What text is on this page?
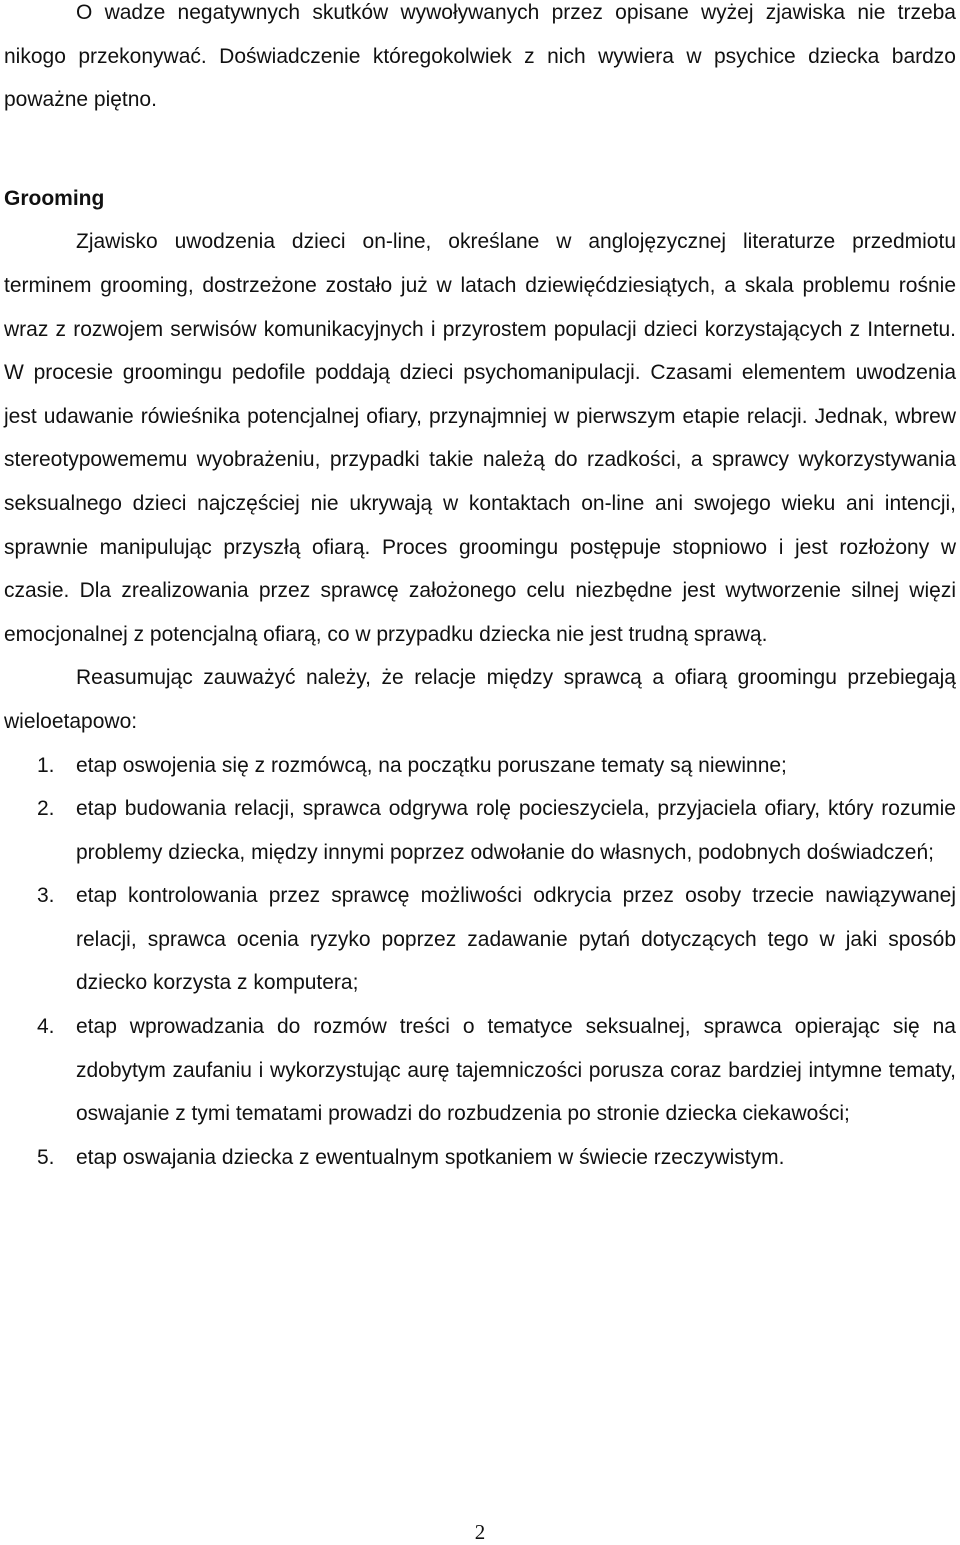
O wadze negatywnych skutków wywoływanych przez opisane wyżej zjawiska nie trzeba nikogo przekonywać. Doświadczenie któregokolwiek z nich wywiera w psychice dziecka bardzo poważne piętno.

Grooming

Zjawisko uwodzenia dzieci on-line, określane w anglojęzycznej literaturze przedmiotu terminem grooming, dostrzeżone zostało już w latach dziewięćdziesiątych, a skala problemu rośnie wraz z rozwojem serwisów komunikacyjnych i przyrostem populacji dzieci korzystających z Internetu. W procesie groomingu pedofile poddają dzieci psychomanipulacji. Czasami elementem uwodzenia jest udawanie rówieśnika potencjalnej ofiary, przynajmniej w pierwszym etapie relacji. Jednak, wbrew stereotypowememu wyobrażeniu, przypadki takie należą do rzadkości, a sprawcy wykorzystywania seksualnego dzieci najczęściej nie ukrywają w kontaktach on-line ani swojego wieku ani intencji, sprawnie manipulując przyszłą ofiarą. Proces groomingu postępuje stopniowo i jest rozłożony w czasie. Dla zrealizowania przez sprawcę założonego celu niezbędne jest wytworzenie silnej więzi emocjonalnej z potencjalną ofiarą, co w przypadku dziecka nie jest trudną sprawą.

Reasumując zauważyć należy, że relacje między sprawcą a ofiarą groomingu przebiegają wieloetapowo:

1. etap oswojenia się z rozmówcą, na początku poruszane tematy są niewinne;
2. etap budowania relacji, sprawca odgrywa rolę pocieszyciela, przyjaciela ofiary, który rozumie problemy dziecka, między innymi poprzez odwołanie do własnych, podobnych doświadczeń;
3. etap kontrolowania przez sprawcę możliwości odkrycia przez osoby trzecie nawiązywanej relacji, sprawca ocenia ryzyko poprzez zadawanie pytań dotyczących tego w jaki sposób dziecko korzysta z komputera;
4. etap wprowadzania do rozmów treści o tematyce seksualnej, sprawca opierając się na zdobytym zaufaniu i wykorzystując aurę tajemniczości porusza coraz bardziej intymne tematy, oswajanie z tymi tematami prowadzi do rozbudzenia po stronie dziecka ciekawości;
5. etap oswajania dziecka z ewentualnym spotkaniem w świecie rzeczywistym.
2
